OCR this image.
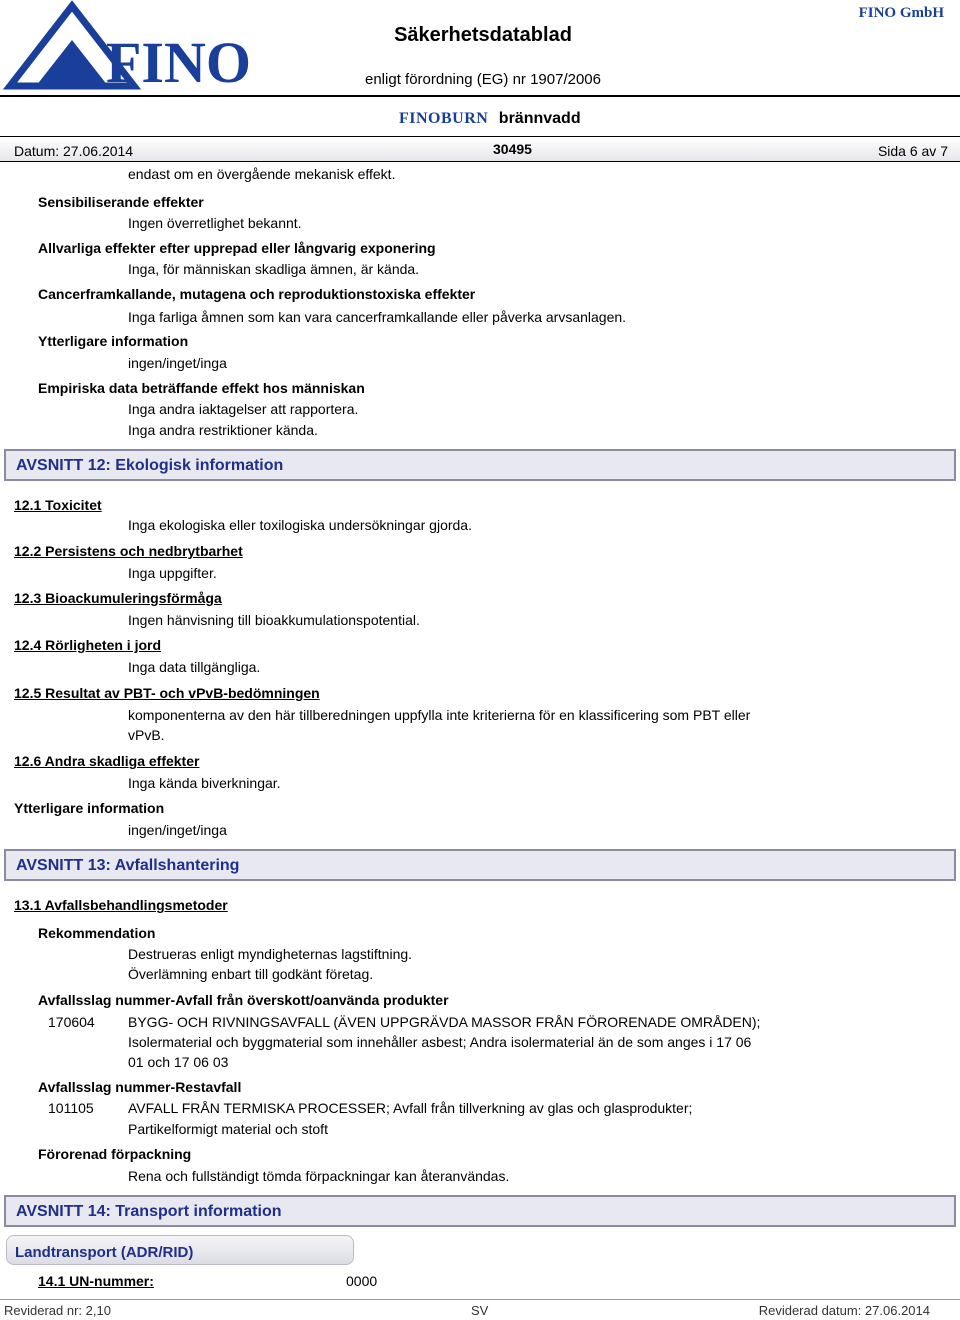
FINO	Säkerhetsdatablad
enligt förordning (EG) nr 1907/2006
FINO GmbH
FINOBURN brännvadd
Datum: 27.06.2014	30495	Sida 6 av 7
endast om en övergående mekanisk effekt.
Sensibiliserande effekter
Ingen överretlighet bekannt.
Allvarliga effekter efter upprepad eller långvarig exponering
Inga, för människan skadliga ämnen, är kända.
Cancerframkallande, mutagena och reproduktionstoxiska effekter
Inga farliga åmnen som kan vara cancerframkallande eller påverka arvsanlagen.
Ytterligare information
ingen/inget/inga
Empiriska data beträffande effekt hos människan
Inga andra iaktagelser att rapportera.
Inga andra restriktioner kända.
AVSNITT 12: Ekologisk information
12.1 Toxicitet
Inga ekologiska eller toxilogiska undersökningar gjorda.
12.2 Persistens och nedbrytbarhet
Inga uppgifter.
12.3 Bioackumuleringsförmåga
Ingen hänvisning till bioakkumulationspotential.
12.4 Rörligheten i jord
Inga data tillgängliga.
12.5 Resultat av PBT- och vPvB-bedömningen
komponenterna av den här tillberedningen uppfylla inte kriterierna för en klassificering som PBT eller
vPvB.
12.6 Andra skadliga effekter
Inga kända biverkningar.
Ytterligare information
ingen/inget/inga
AVSNITT 13: Avfallshantering
13.1 Avfallsbehandlingsmetoder
Rekommendation
Destrueras enligt myndigheternas lagstiftning.
Överlämning enbart till godkänt företag.
Avfallsslag nummer-Avfall från överskott/oanvända produkter
170604 BYGG- OCH RIVNINGSAVFALL (ÄVEN UPPGRÄVDA MASSOR FRÅN FÖRORENADE OMRÅDEN);
Isolermaterial och byggmaterial som innehåller asbest; Andra isolermaterial än de som anges i 17 06
01 och 17 06 03
Avfallsslag nummer-Restavfall
101105 AVFALL FRÅN TERMISKA PROCESSER; Avfall från tillverkning av glas och glasprodukter;
Partikelformigt material och stoft
Förorenad förpackning
Rena och fullständigt tömda förpackningar kan återanvändas.
AVSNITT 14: Transport information
Landtransport (ADR/RID)
14.1 UN-nummer:	0000
Reviderad nr: 2,10	SV	Reviderad datum: 27.06.2014
